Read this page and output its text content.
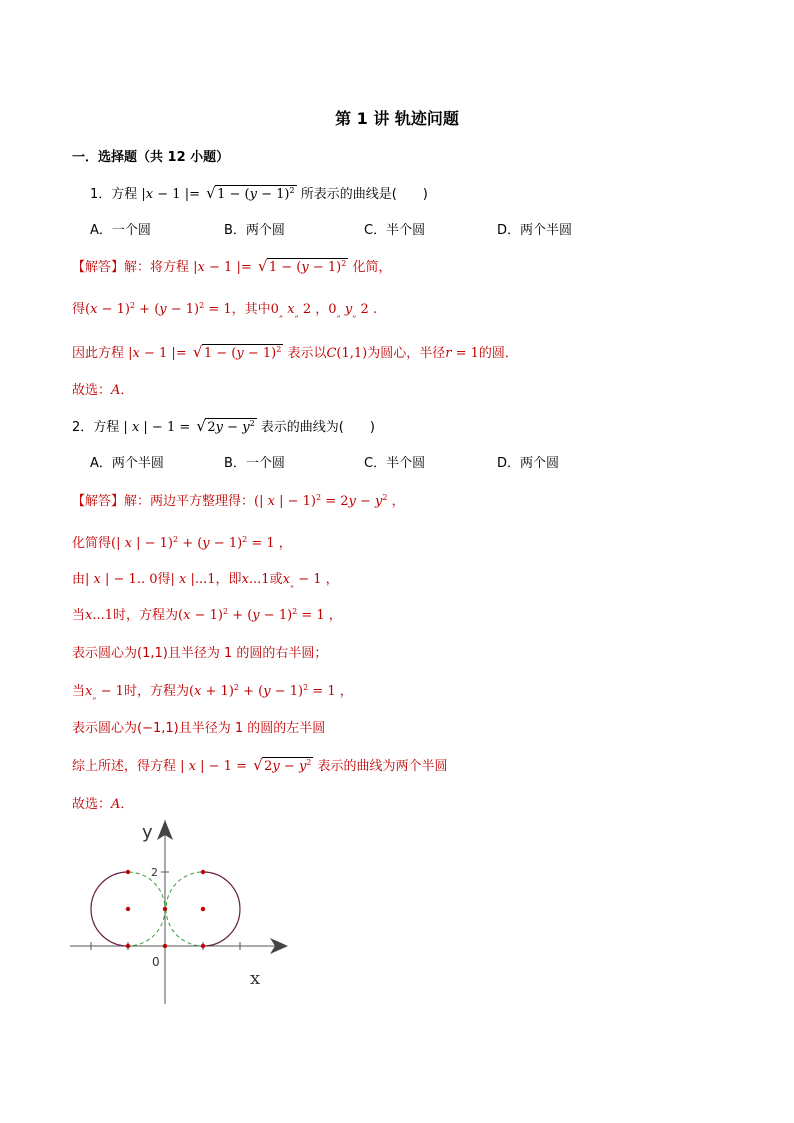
第 1 讲 轨迹问题
一．选择题（共 12 小题）
1．方程 |x − 1 |= √ $1 - (y - 1)^2$ 所表示的曲线是(　　)
A．一个圆	B．两个圆	C．半个圆	D．两个半圆
【解答】解：将方程 |x − 1 |= √ $1 - (y - 1)^2$ 化简，
得$(x - 1)^2 + (y - 1)^2 = 1$，其中$0_„$ $x_„$ 2 ，$0_„$ $y_„$ 2 .
因此方程 |x − 1 |= √ $1 - (y - 1)^2$ 表示以C(1,1)为圆心，半径r = 1的圆．
故选：A．
2．方程 | x | − 1 = √ $2y - y^2$ 表示的曲线为(　　)
A．两个半圆	B．一个圆	C．半个圆	D．两个圆
【解答】解：两边平方整理得：(| x | − $1)^2 = 2y - y^2$ ，
化简得(| x | − $1)^2 + (y - 1)^2 = 1$ ，
由| x | − 1.. 0得| x |...1，即x...1或$x_„ - 1$ ，
当x...1时，方程为$(x - 1)^2 + (y - 1)^2 = 1$ ，
表示圆心为(1,1)且半径为 1 的圆的右半圆；
当$x_„ - 1$时，方程为$(x + 1)^2 + (y - 1)^2 = 1$ ，
表示圆心为(−1,1)且半径为 1 的圆的左半圆
综上所述，得方程 | x | − 1 = √ $2y - y^2$ 表示的曲线为两个半圆
故选：A．
y
x
0
2
